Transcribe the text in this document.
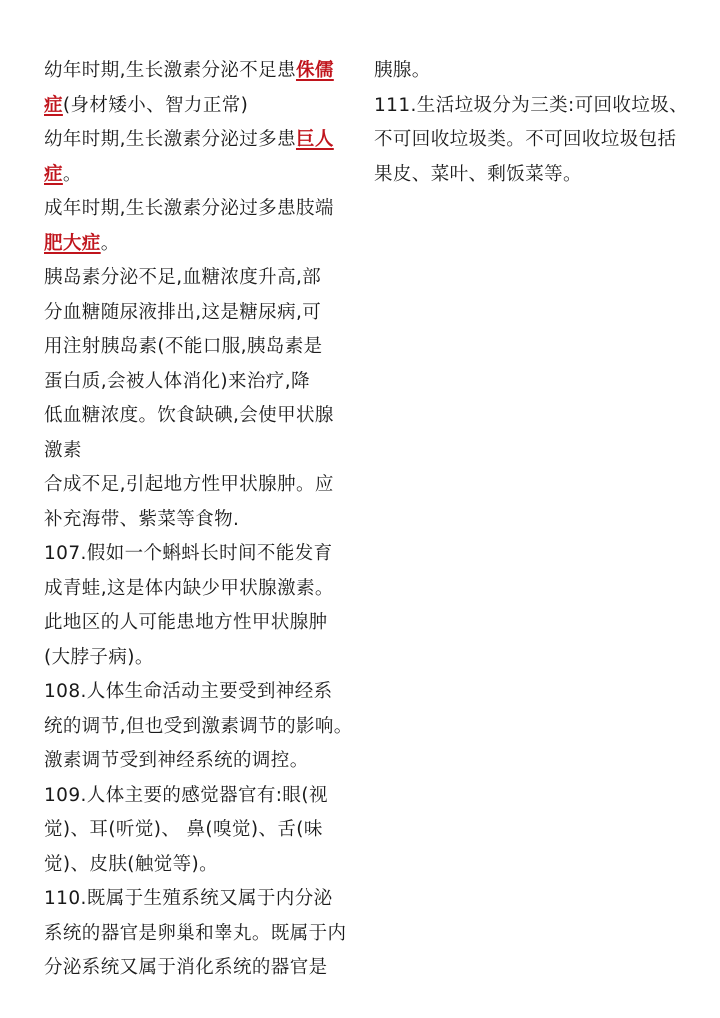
幼年时期,生长激素分泌不足患侏儒

症(身材矮小、智力正常)

幼年时期,生长激素分泌过多患巨人

症。

成年时期,生长激素分泌过多患肢端

肥大症。

胰岛素分泌不足,血糖浓度升高,部

分血糖随尿液排出,这是糖尿病,可

用注射胰岛素(不能口服,胰岛素是

蛋白质,会被人体消化)来治疗,降

低血糖浓度。饮食缺碘,会使甲状腺

激素

合成不足,引起地方性甲状腺肿。应

补充海带、紫菜等食物.

107.假如一个蝌蚪长时间不能发育

成青蛙,这是体内缺少甲状腺激素。

此地区的人可能患地方性甲状腺肿

(大脖子病)。

108.人体生命活动主要受到神经系

统的调节,但也受到激素调节的影响。

激素调节受到神经系统的调控。

109.人体主要的感觉器官有:眼(视

觉)、耳(听觉)、 鼻(嗅觉)、舌(味

觉)、皮肤(触觉等)。

110.既属于生殖系统又属于内分泌

系统的器官是卵巢和睾丸。既属于内

分泌系统又属于消化系统的器官是

胰腺。

111.生活垃圾分为三类:可回收垃圾、

不可回收垃圾类。不可回收垃圾包括

果皮、菜叶、剩饭菜等。
